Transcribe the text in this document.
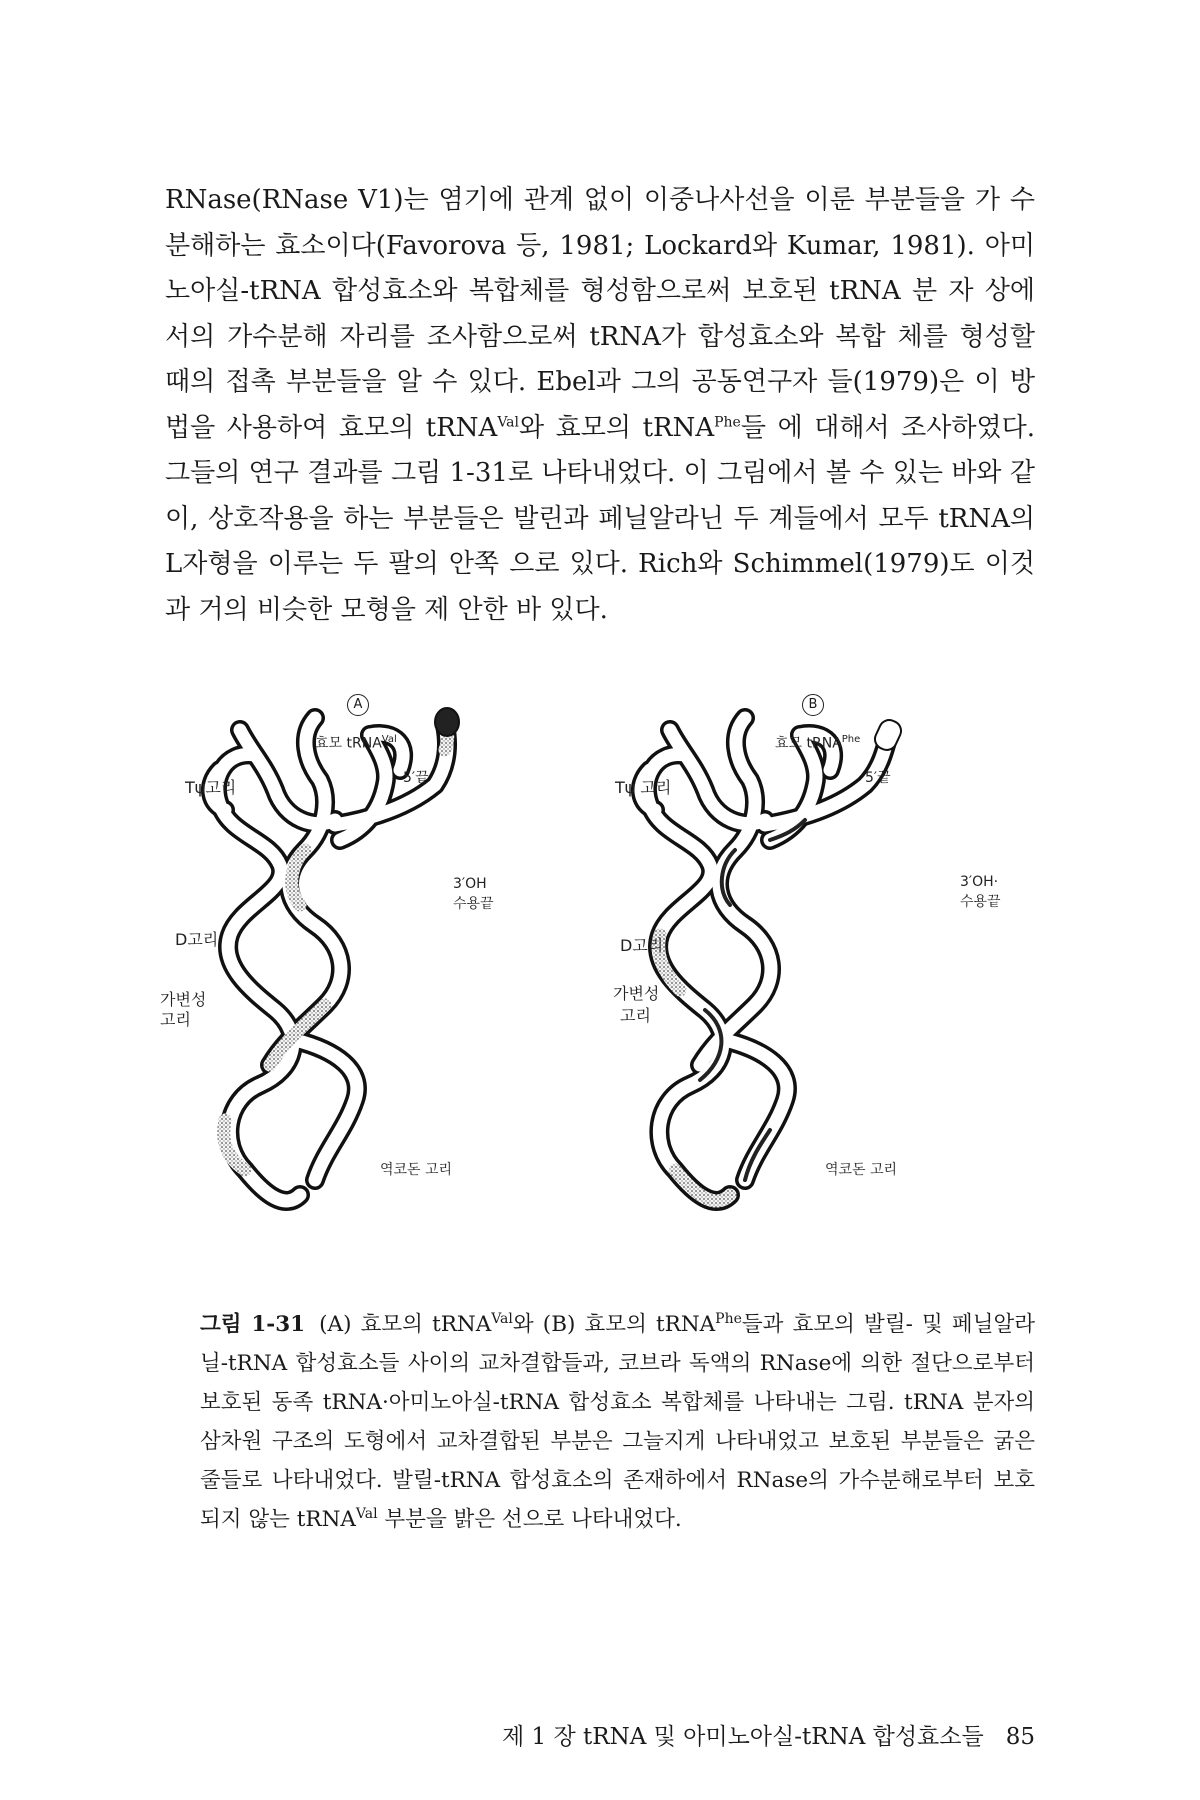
RNase(RNase V1)는 염기에 관계 없이 이중나사선을 이룬 부분들을 가 수분해하는 효소이다(Favorova 등, 1981; Lockard와 Kumar, 1981). 아미노아실-tRNA 합성효소와 복합체를 형성함으로써 보호된 tRNA 분 자 상에서의 가수분해 자리를 조사함으로써 tRNA가 합성효소와 복합 체를 형성할 때의 접촉 부분들을 알 수 있다. Ebel과 그의 공동연구자 들(1979)은 이 방법을 사용하여 효모의 tRNA$^{Val}$와 효모의 tRNA$^{Phe}$들 에 대해서 조사하였다. 그들의 연구 결과를 그림 1-31로 나타내었다. 이 그림에서 볼 수 있는 바와 같이, 상호작용을 하는 부분들은 발린과 페닐알라닌 두 계들에서 모두 tRNA의 L자형을 이루는 두 팔의 안쪽 으로 있다. Rich와 Schimmel(1979)도 이것과 거의 비슷한 모형을 제 안한 바 있다.

A
효모 tRNA$^{Val}$
Tψ고리	5′끝
3′OH
수용끝
D고리
가변성
고리
역코돈 고리
B
효모 tRNA$^{Phe}$
Tψ 고리	5′끝
3′OH·
수용끝
D고리
가변성
고리
역코돈 고리

그림 1-31 (A) 효모의 tRNA$^{Val}$와 (B) 효모의 tRNA$^{Phe}$들과 효모의 발릴- 및 페닐알라닐-tRNA 합성효소들 사이의 교차결합들과, 코브라 독액의 RNase에 의한 절단으로부터 보호된 동족 tRNA·아미노아실-tRNA 합성효소 복합체를 나타내는 그림. tRNA 분자의 삼차원 구조의 도형에서 교차결합된 부분은 그늘지게 나타내었고 보호된 부분들은 굵은 줄들로 나타내었다. 발릴-tRNA 합성효소의 존재하에서 RNase의 가수분해로부터 보호되지 않는 tRNA$^{Val}$ 부분을 밝은 선으로 나타내었다.

제 1 장 tRNA 및 아미노아실-tRNA 합성효소들 85
